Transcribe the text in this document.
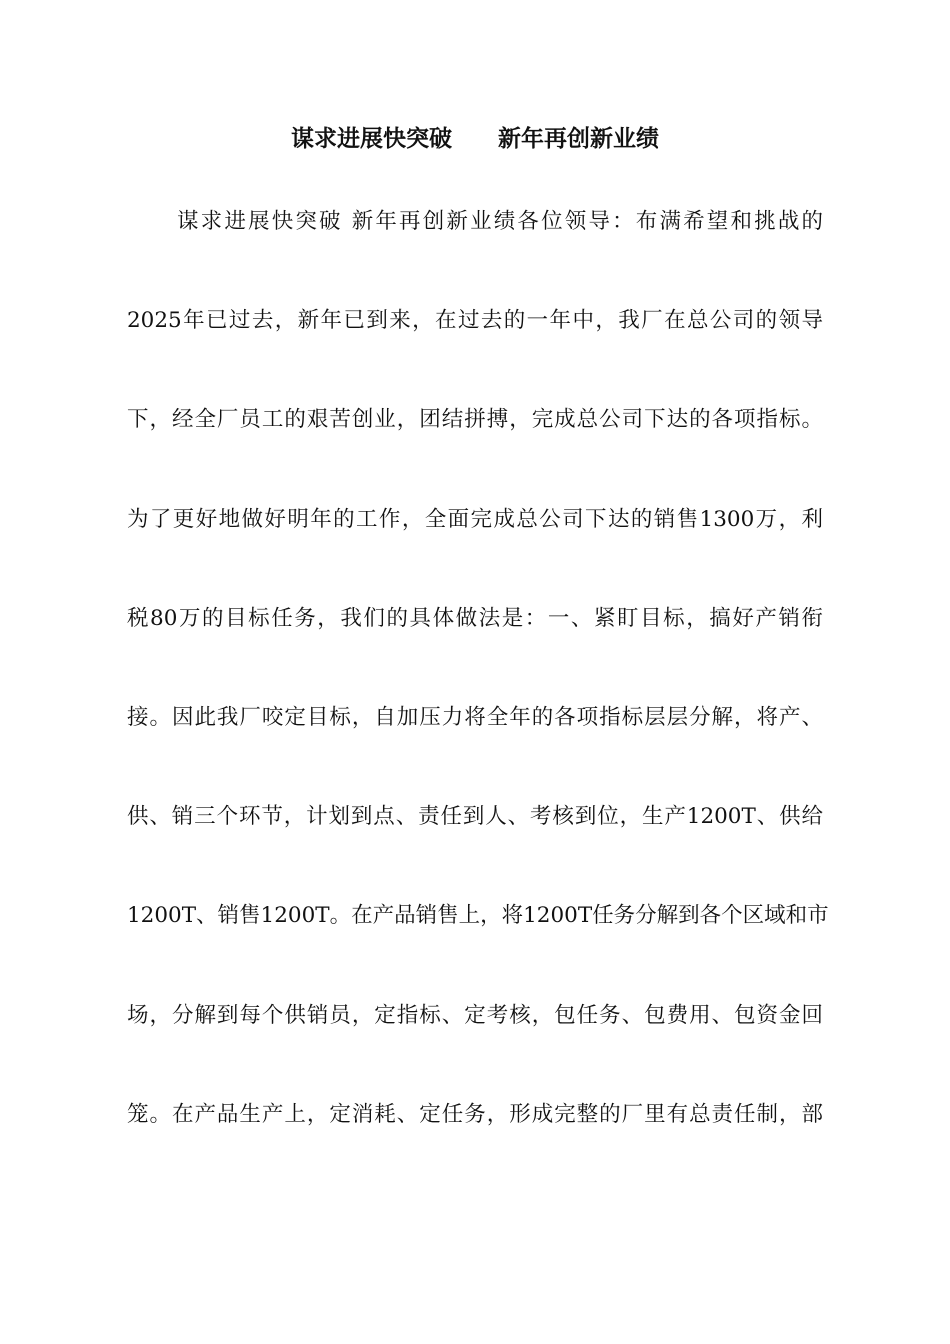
谋求进展快突破　　新年再创新业绩
谋求进展快突破 新年再创新业绩各位领导：布满希望和挑战的
2025年已过去，新年已到来，在过去的一年中，我厂在总公司的领导
下，经全厂员工的艰苦创业，团结拼搏，完成总公司下达的各项指标。
为了更好地做好明年的工作，全面完成总公司下达的销售1300万，利
税80万的目标任务，我们的具体做法是：一、紧盯目标，搞好产销衔
接。因此我厂咬定目标，自加压力将全年的各项指标层层分解，将产、
供、销三个环节，计划到点、责任到人、考核到位，生产1200T、供给
1200T、销售1200T。在产品销售上，将1200T任务分解到各个区域和市
场，分解到每个供销员，定指标、定考核，包任务、包费用、包资金回
笼。在产品生产上，定消耗、定任务，形成完整的厂里有总责任制，部
